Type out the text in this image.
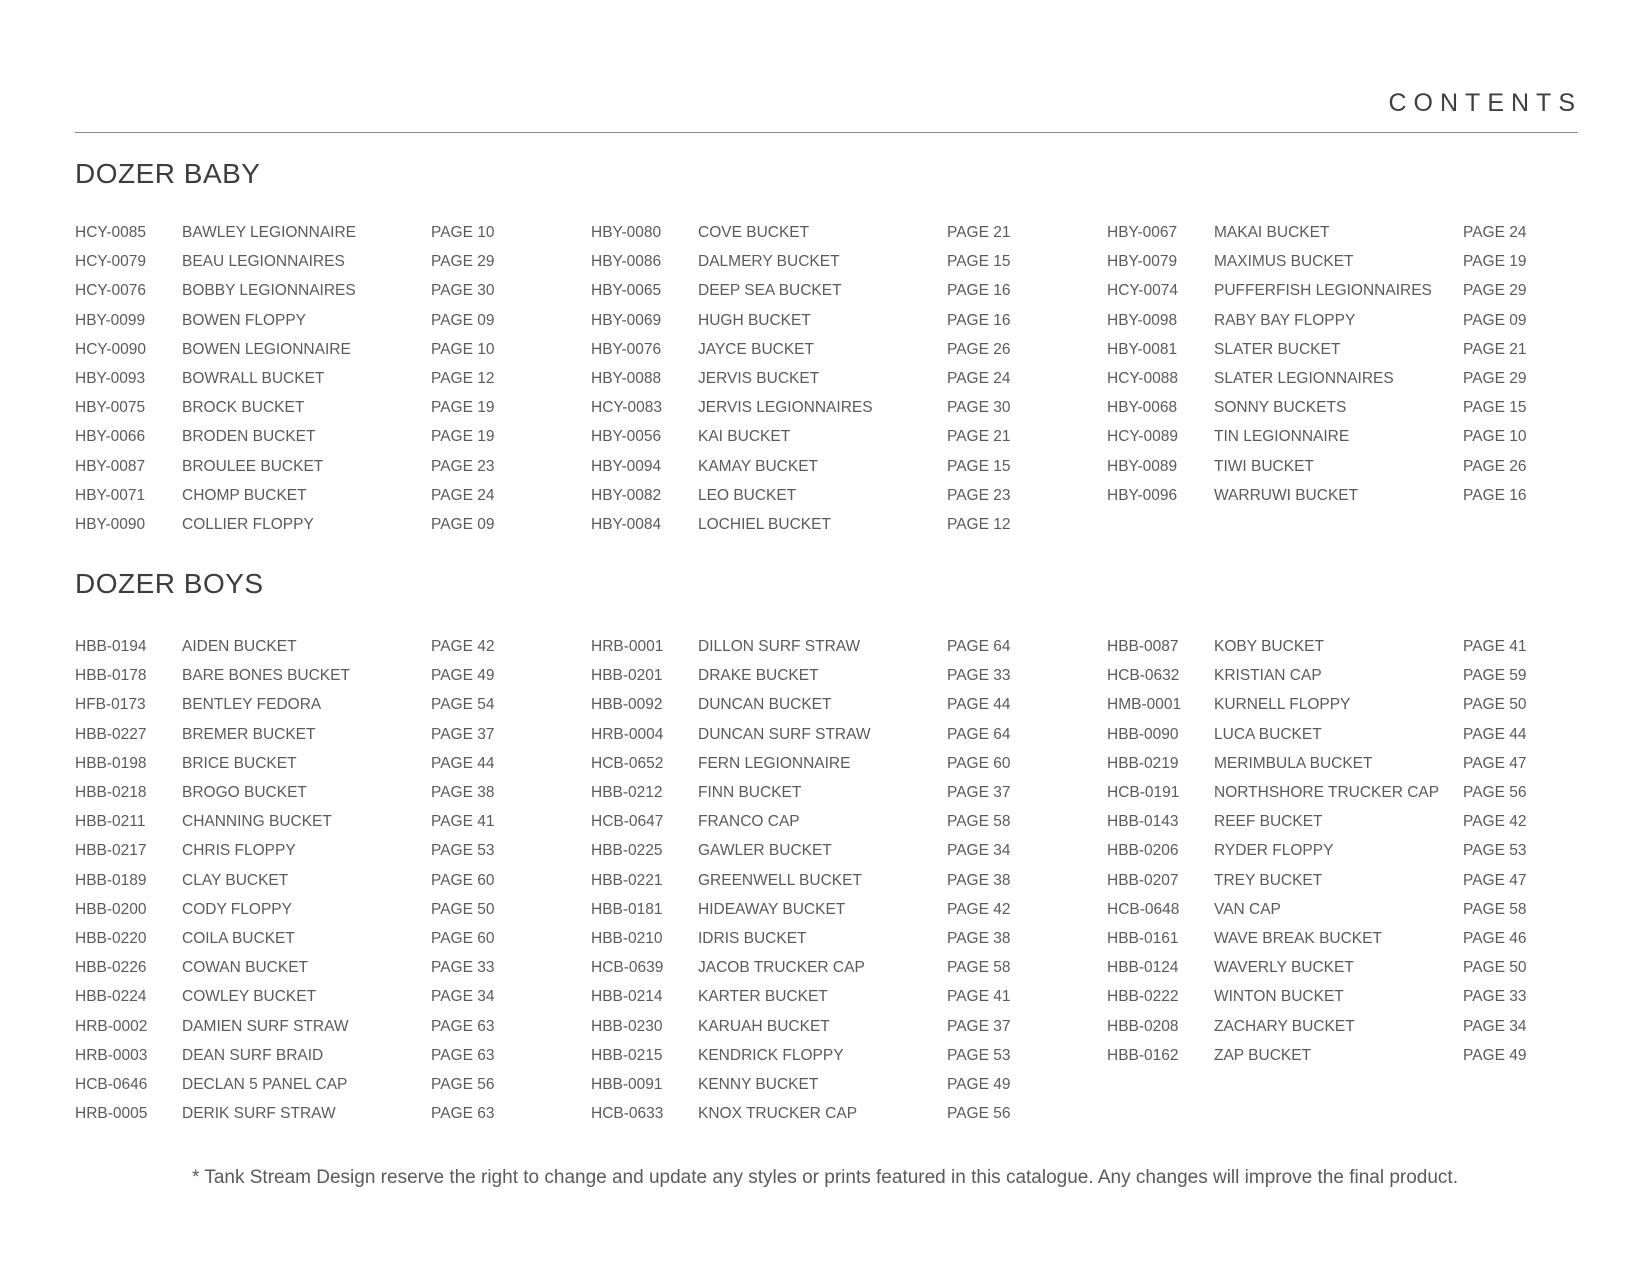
CONTENTS
DOZER BABY
HCY-0085 BAWLEY LEGIONNAIRE	PAGE 10
HCY-0079 BEAU LEGIONNAIRES	PAGE 29
HCY-0076 BOBBY LEGIONNAIRES	PAGE 30
HBY-0099 BOWEN FLOPPY	PAGE 09
HCY-0090 BOWEN LEGIONNAIRE	PAGE 10
HBY-0093 BOWRALL BUCKET	PAGE 12
HBY-0075 BROCK BUCKET	PAGE 19
HBY-0066 BRODEN BUCKET	PAGE 19
HBY-0087 BROULEE BUCKET	PAGE 23
HBY-0071 CHOMP BUCKET	PAGE 24
HBY-0090 COLLIER FLOPPY	PAGE 09
HBY-0080 COVE BUCKET	PAGE 21
HBY-0086 DALMERY BUCKET	PAGE 15
HBY-0065 DEEP SEA BUCKET	PAGE 16
HBY-0069 HUGH BUCKET	PAGE 16
HBY-0076 JAYCE BUCKET	PAGE 26
HBY-0088 JERVIS BUCKET	PAGE 24
HCY-0083 JERVIS LEGIONNAIRES	PAGE 30
HBY-0056 KAI BUCKET	PAGE 21
HBY-0094 KAMAY BUCKET	PAGE 15
HBY-0082 LEO BUCKET	PAGE 23
HBY-0084 LOCHIEL BUCKET	PAGE 12
HBY-0067 MAKAI BUCKET	PAGE 24
HBY-0079 MAXIMUS BUCKET	PAGE 19
HCY-0074 PUFFERFISH LEGIONNAIRES PAGE 29
HBY-0098 RABY BAY FLOPPY	PAGE 09
HBY-0081 SLATER BUCKET	PAGE 21
HCY-0088 SLATER LEGIONNAIRES	PAGE 29
HBY-0068 SONNY BUCKETS	PAGE 15
HCY-0089 TIN LEGIONNAIRE	PAGE 10
HBY-0089 TIWI BUCKET	PAGE 26
HBY-0096 WARRUWI BUCKET	PAGE 16
DOZER BOYS
HBB-0194 AIDEN BUCKET	PAGE 42
HBB-0178 BARE BONES BUCKET	PAGE 49
HFB-0173 BENTLEY FEDORA	PAGE 54
HBB-0227 BREMER BUCKET	PAGE 37
HBB-0198 BRICE BUCKET	PAGE 44
HBB-0218 BROGO BUCKET	PAGE 38
HBB-0211 CHANNING BUCKET	PAGE 41
HBB-0217 CHRIS FLOPPY	PAGE 53
HBB-0189 CLAY BUCKET	PAGE 60
HBB-0200 CODY FLOPPY	PAGE 50
HBB-0220 COILA BUCKET	PAGE 60
HBB-0226 COWAN BUCKET	PAGE 33
HBB-0224 COWLEY BUCKET	PAGE 34
HRB-0002 DAMIEN SURF STRAW	PAGE 63
HRB-0003 DEAN SURF BRAID	PAGE 63
HCB-0646 DECLAN 5 PANEL CAP	PAGE 56
HRB-0005 DERIK SURF STRAW	PAGE 63
HRB-0001 DILLON SURF STRAW	PAGE 64
HBB-0201 DRAKE BUCKET	PAGE 33
HBB-0092 DUNCAN BUCKET	PAGE 44
HRB-0004 DUNCAN SURF STRAW	PAGE 64
HCB-0652 FERN LEGIONNAIRE	PAGE 60
HBB-0212 FINN BUCKET	PAGE 37
HCB-0647 FRANCO CAP	PAGE 58
HBB-0225 GAWLER BUCKET	PAGE 34
HBB-0221 GREENWELL BUCKET	PAGE 38
HBB-0181 HIDEAWAY BUCKET	PAGE 42
HBB-0210 IDRIS BUCKET	PAGE 38
HCB-0639 JACOB TRUCKER CAP	PAGE 58
HBB-0214 KARTER BUCKET	PAGE 41
HBB-0230 KARUAH BUCKET	PAGE 37
HBB-0215 KENDRICK FLOPPY	PAGE 53
HBB-0091 KENNY BUCKET	PAGE 49
HCB-0633 KNOX TRUCKER CAP	PAGE 56
HBB-0087 KOBY BUCKET	PAGE 41
HCB-0632 KRISTIAN CAP	PAGE 59
HMB-0001 KURNELL FLOPPY	PAGE 50
HBB-0090 LUCA BUCKET	PAGE 44
HBB-0219 MERIMBULA BUCKET	PAGE 47
HCB-0191 NORTHSHORE TRUCKER CAP PAGE 56
HBB-0143 REEF BUCKET	PAGE 42
HBB-0206 RYDER FLOPPY	PAGE 53
HBB-0207 TREY BUCKET	PAGE 47
HCB-0648 VAN CAP	PAGE 58
HBB-0161 WAVE BREAK BUCKET	PAGE 46
HBB-0124 WAVERLY BUCKET	PAGE 50
HBB-0222 WINTON BUCKET	PAGE 33
HBB-0208 ZACHARY BUCKET	PAGE 34
HBB-0162 ZAP BUCKET	PAGE 49
* Tank Stream Design reserve the right to change and update any styles or prints featured in this catalogue. Any changes will improve the final product.
